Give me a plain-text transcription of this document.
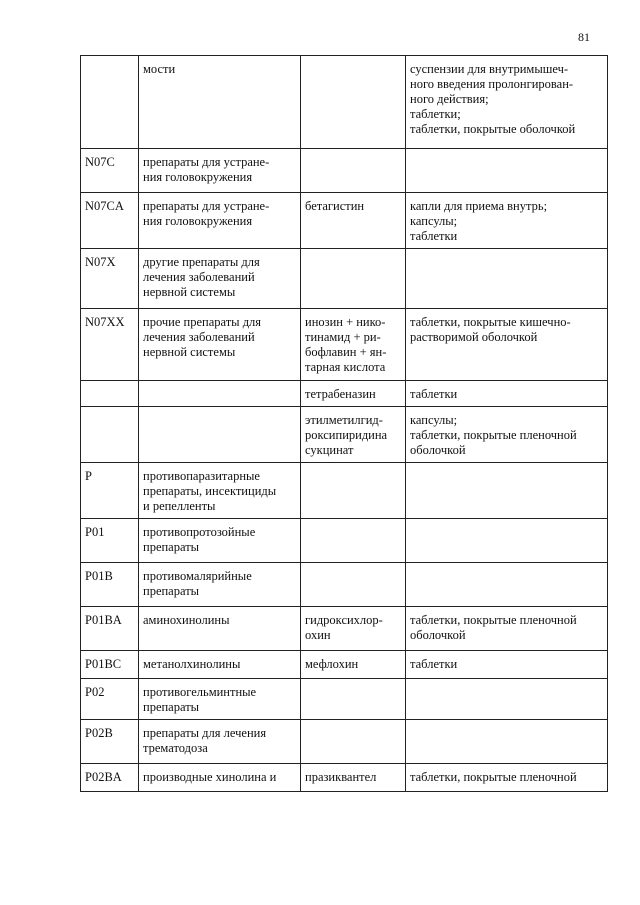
81
	мости		суспензии для внутримышеч-
ного введения пролонгирован-
ного действия;
таблетки;
таблетки, покрытые оболочкой
N07C	препараты для устране-
ния головокружения		
N07CA	препараты для устране-
ния головокружения	бетагистин	капли для приема внутрь;
капсулы;
таблетки
N07X	другие препараты для
лечения заболеваний
нервной системы		
N07XX	прочие препараты для
лечения заболеваний
нервной системы	инозин + нико-
тинамид + ри-
бофлавин + ян-
тарная кислота	таблетки, покрытые кишечно-
растворимой оболочкой
		тетрабеназин	таблетки
		этилметилгид-
роксипиридина
сукцинат	капсулы;
таблетки, покрытые пленочной
оболочкой
P	противопаразитарные
препараты, инсектициды
и репелленты		
P01	противопротозойные
препараты		
P01B	противомалярийные
препараты		
P01BA	аминохинолины	гидроксихлор-
охин	таблетки, покрытые пленочной
оболочкой
P01BC	метанолхинолины	мефлохин	таблетки
P02	противогельминтные
препараты		
P02B	препараты для лечения
трематодоза		
P02BA	производные хинолина и	празиквантел	таблетки, покрытые пленочной
